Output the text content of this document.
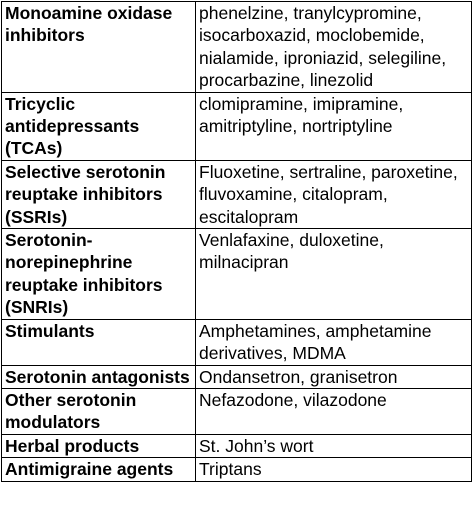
Monoamine oxidase inhibitors	phenelzine, tranylcypromine, isocarboxazid, moclobemide, nialamide, iproniazid, selegiline, procarbazine, linezolid
Tricyclic antidepressants (TCAs)	clomipramine, imipramine, amitriptyline, nortriptyline
Selective serotonin reuptake inhibitors (SSRIs)	Fluoxetine, sertraline, paroxetine, fluvoxamine, citalopram, escitalopram
Serotonin-norepinephrine reuptake inhibitors (SNRIs)	Venlafaxine, duloxetine, milnacipran
Stimulants	Amphetamines, amphetamine derivatives, MDMA
Serotonin antagonists	Ondansetron, granisetron
Other serotonin modulators	Nefazodone, vilazodone
Herbal products	St. John’s wort
Antimigraine agents	Triptans
